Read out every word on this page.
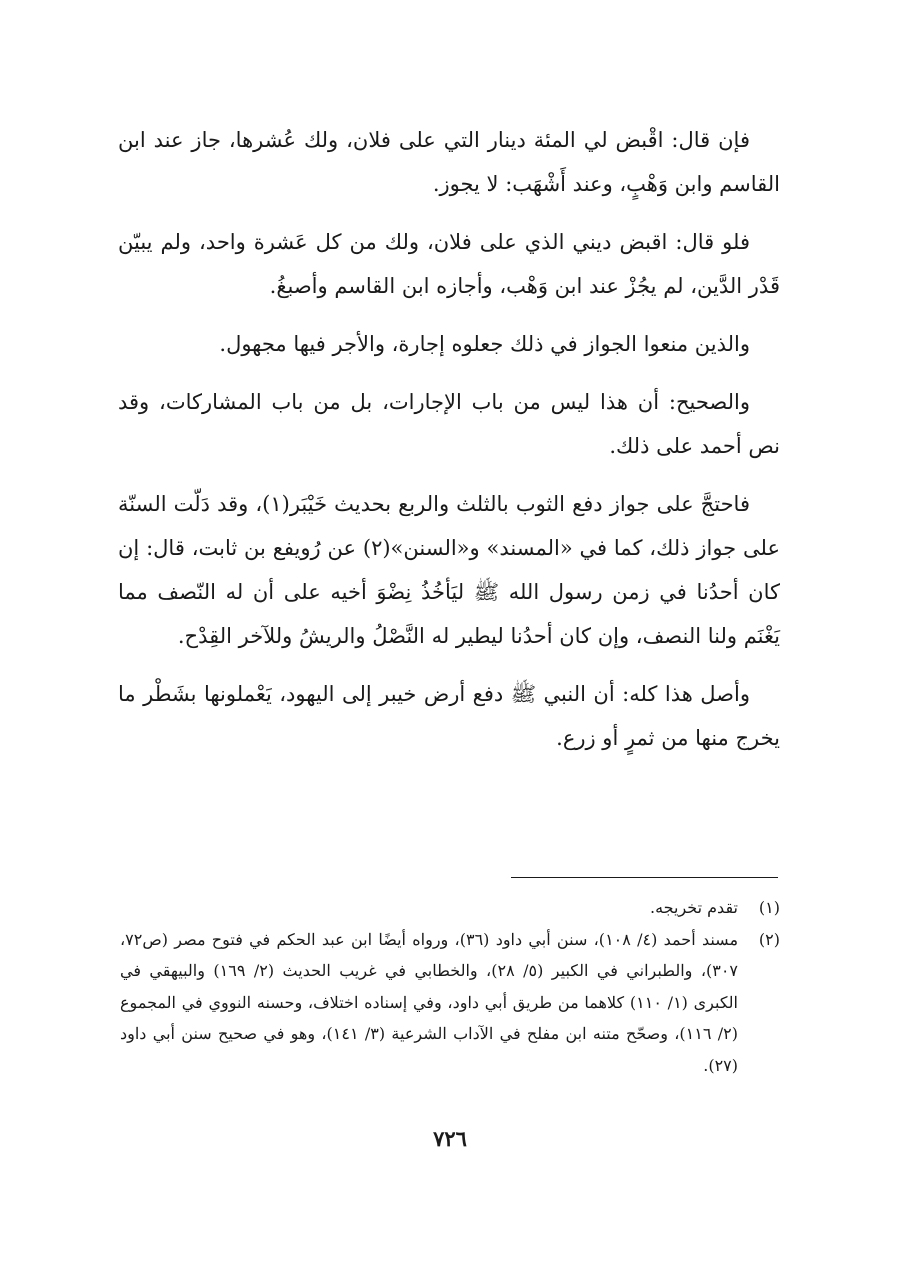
فإن قال: اقْبض لي المئة دينار التي على فلان، ولك عُشرها، جاز عند ابن القاسم وابن وَهْبٍ، وعند أَشْهَب: لا يجوز.

فلو قال: اقبض ديني الذي على فلان، ولك من كل عَشرة واحد، ولم يبيّن قَدْر الدَّين، لم يجُزْ عند ابن وَهْب، وأجازه ابن القاسم وأصبغُ.

والذين منعوا الجواز في ذلك جعلوه إجارة، والأجر فيها مجهول.

والصحيح: أن هذا ليس من باب الإجارات، بل من باب المشاركات، وقد نص أحمد على ذلك.

فاحتجَّ على جواز دفع الثوب بالثلث والربع بحديث خَيْبَر(١)، وقد دَلّت السنّة على جواز ذلك، كما في «المسند» و«السنن»(٢) عن رُويفع بن ثابت، قال: إن كان أحدُنا في زمن رسول الله ﷺ ليَأخُذُ نِضْوَ أخيه على أن له النّصف مما يَغْنَم ولنا النصف، وإن كان أحدُنا ليطير له النَّصْلُ والريشُ وللآخر القِدْح.

وأصل هذا كله: أن النبي ﷺ دفع أرض خيبر إلى اليهود، يَعْملونها بشَطْر ما يخرج منها من ثمرٍ أو زرع.

(١)
تقدم تخريجه.
(٢)
مسند أحمد (٤/ ١٠٨)، سنن أبي داود (٣٦)، ورواه أيضًا ابن عبد الحكم في فتوح مصر (ص٧٢، ٣٠٧)، والطبراني في الكبير (٥/ ٢٨)، والخطابي في غريب الحديث (٢/ ١٦٩) والبيهقي في الكبرى (١/ ١١٠) كلاهما من طريق أبي داود، وفي إسناده اختلاف، وحسنه النووي في المجموع (٢/ ١١٦)، وصحّح متنه ابن مفلح في الآداب الشرعية (٣/ ١٤١)، وهو في صحيح سنن أبي داود (٢٧).
٧٢٦
